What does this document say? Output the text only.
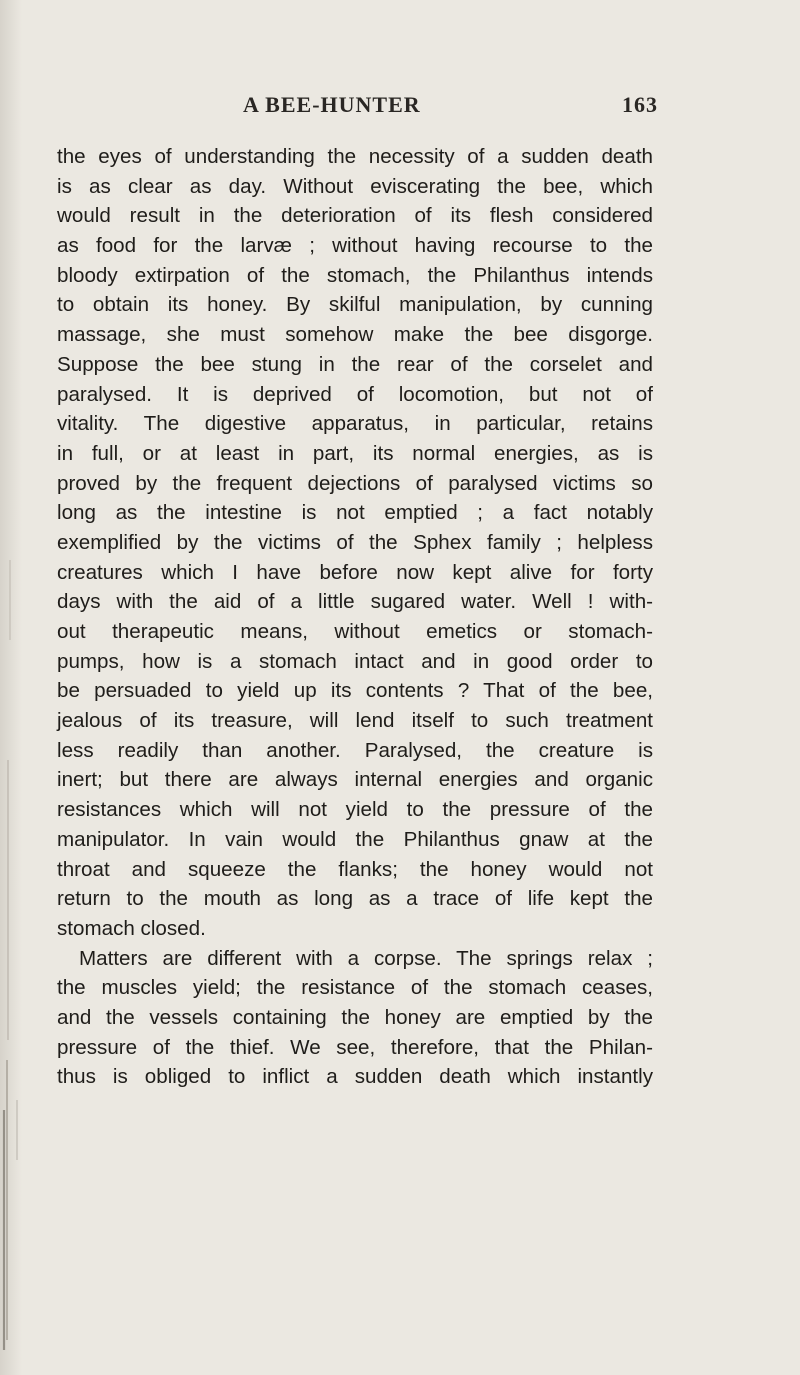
A BEE-HUNTER	163
the eyes of understanding the necessity of a sudden death
is as clear as day. Without eviscerating the bee, which
would result in the deterioration of its flesh considered
as food for the larvæ ; without having recourse to the
bloody extirpation of the stomach, the Philanthus intends
to obtain its honey. By skilful manipulation, by cunning
massage, she must somehow make the bee disgorge.
Suppose the bee stung in the rear of the corselet and
paralysed. It is deprived of locomotion, but not of
vitality. The digestive apparatus, in particular, retains
in full, or at least in part, its normal energies, as is
proved by the frequent dejections of paralysed victims so
long as the intestine is not emptied ; a fact notably
exemplified by the victims of the Sphex family ; helpless
creatures which I have before now kept alive for forty
days with the aid of a little sugared water. Well ! with-
out therapeutic means, without emetics or stomach-
pumps, how is a stomach intact and in good order to
be persuaded to yield up its contents ? That of the bee,
jealous of its treasure, will lend itself to such treatment
less readily than another. Paralysed, the creature is
inert; but there are always internal energies and organic
resistances which will not yield to the pressure of the
manipulator. In vain would the Philanthus gnaw at the
throat and squeeze the flanks; the honey would not
return to the mouth as long as a trace of life kept the
stomach closed.
Matters are different with a corpse. The springs relax ;
the muscles yield; the resistance of the stomach ceases,
and the vessels containing the honey are emptied by the
pressure of the thief. We see, therefore, that the Philan-
thus is obliged to inflict a sudden death which instantly
